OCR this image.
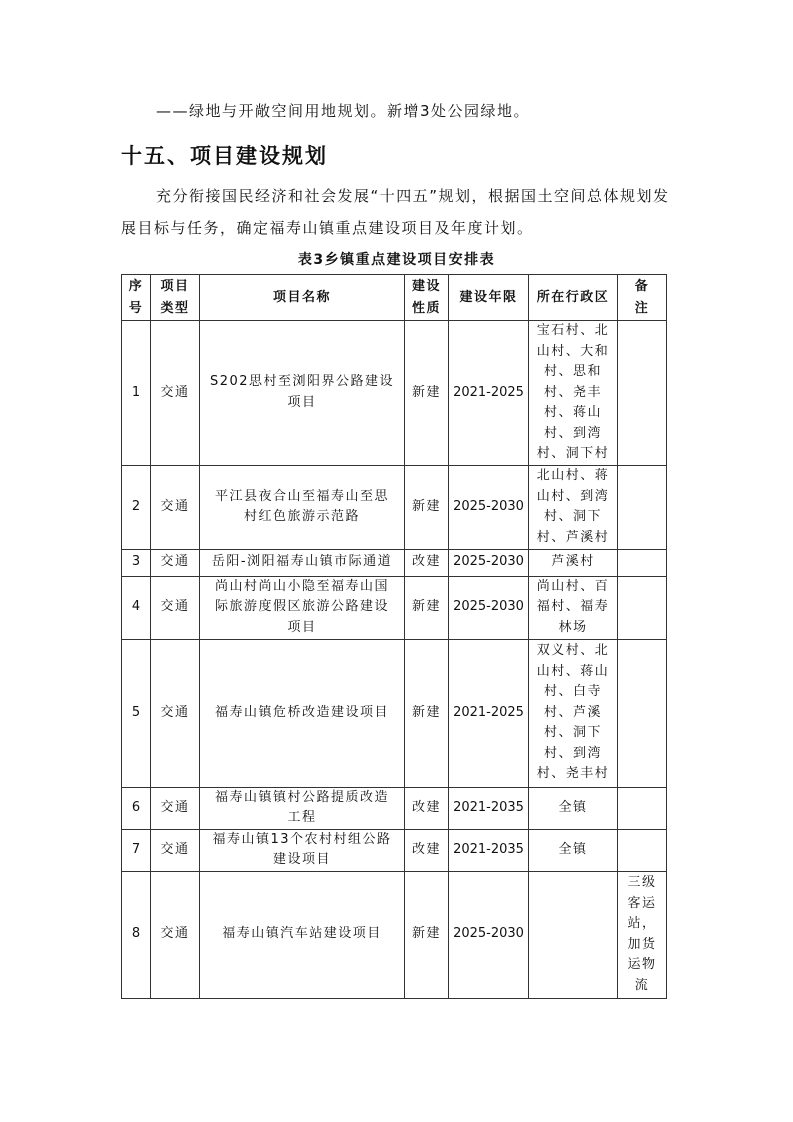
——绿地与开敞空间用地规划。新增3处公园绿地。
十五、项目建设规划
充分衔接国民经济和社会发展“十四五”规划，根据国土空间总体规划发
展目标与任务，确定福寿山镇重点建设项目及年度计划。
表3乡镇重点建设项目安排表
序号	项目类型	项目名称	建设性质	建设年限	所在行政区	备注
1	交通	S202思村至浏阳界公路建设项目	新建	2021-2025	宝石村、北山村、大和村、思和村、尧丰村、蒋山村、到湾村、洞下村	
2	交通	平江县夜合山至福寿山至思村红色旅游示范路	新建	2025-2030	北山村、蒋山村、到湾村、洞下村、芦溪村	
3	交通	岳阳-浏阳福寿山镇市际通道	改建	2025-2030	芦溪村	
4	交通	尚山村尚山小隐至福寿山国际旅游度假区旅游公路建设项目	新建	2025-2030	尚山村、百福村、福寿林场	
5	交通	福寿山镇危桥改造建设项目	新建	2021-2025	双义村、北山村、蒋山村、白寺村、芦溪村、洞下村、到湾村、尧丰村	
6	交通	福寿山镇镇村公路提质改造工程	改建	2021-2035	全镇	
7	交通	福寿山镇13个农村村组公路建设项目	改建	2021-2035	全镇	
8	交通	福寿山镇汽车站建设项目	新建	2025-2030		三级客运站，加货运物流
